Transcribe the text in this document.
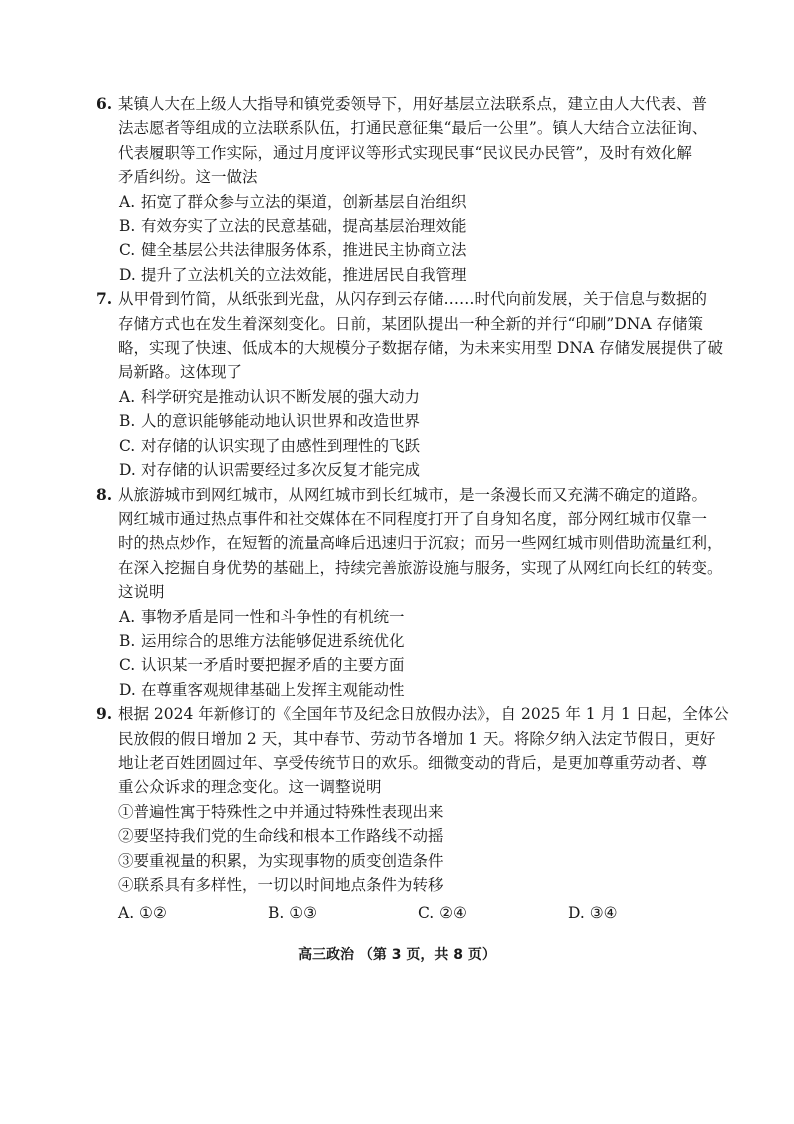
6. 某镇人大在上级人大指导和镇党委领导下，用好基层立法联系点，建立由人大代表、普
法志愿者等组成的立法联系队伍，打通民意征集“最后一公里”。镇人大结合立法征询、
代表履职等工作实际，通过月度评议等形式实现民事“民议民办民管”，及时有效化解
矛盾纠纷。这一做法
A. 拓宽了群众参与立法的渠道，创新基层自治组织
B. 有效夯实了立法的民意基础，提高基层治理效能
C. 健全基层公共法律服务体系，推进民主协商立法
D. 提升了立法机关的立法效能，推进居民自我管理
7. 从甲骨到竹简，从纸张到光盘，从闪存到云存储……时代向前发展，关于信息与数据的
存储方式也在发生着深刻变化。日前，某团队提出一种全新的并行“印刷”DNA 存储策
略，实现了快速、低成本的大规模分子数据存储，为未来实用型 DNA 存储发展提供了破
局新路。这体现了
A. 科学研究是推动认识不断发展的强大动力
B. 人的意识能够能动地认识世界和改造世界
C. 对存储的认识实现了由感性到理性的飞跃
D. 对存储的认识需要经过多次反复才能完成
8. 从旅游城市到网红城市，从网红城市到长红城市，是一条漫长而又充满不确定的道路。
网红城市通过热点事件和社交媒体在不同程度打开了自身知名度，部分网红城市仅靠一
时的热点炒作，在短暂的流量高峰后迅速归于沉寂；而另一些网红城市则借助流量红利，
在深入挖掘自身优势的基础上，持续完善旅游设施与服务，实现了从网红向长红的转变。
这说明
A. 事物矛盾是同一性和斗争性的有机统一
B. 运用综合的思维方法能够促进系统优化
C. 认识某一矛盾时要把握矛盾的主要方面
D. 在尊重客观规律基础上发挥主观能动性
9. 根据 2024 年新修订的《全国年节及纪念日放假办法》，自 2025 年 1 月 1 日起，全体公
民放假的假日增加 2 天，其中春节、劳动节各增加 1 天。将除夕纳入法定节假日，更好
地让老百姓团圆过年、享受传统节日的欢乐。细微变动的背后，是更加尊重劳动者、尊
重公众诉求的理念变化。这一调整说明
①普遍性寓于特殊性之中并通过特殊性表现出来
②要坚持我们党的生命线和根本工作路线不动摇
③要重视量的积累，为实现事物的质变创造条件
④联系具有多样性，一切以时间地点条件为转移
A. ①②	B. ①③	C. ②④	D. ③④
高三政治 （第 3 页，共 8 页）
